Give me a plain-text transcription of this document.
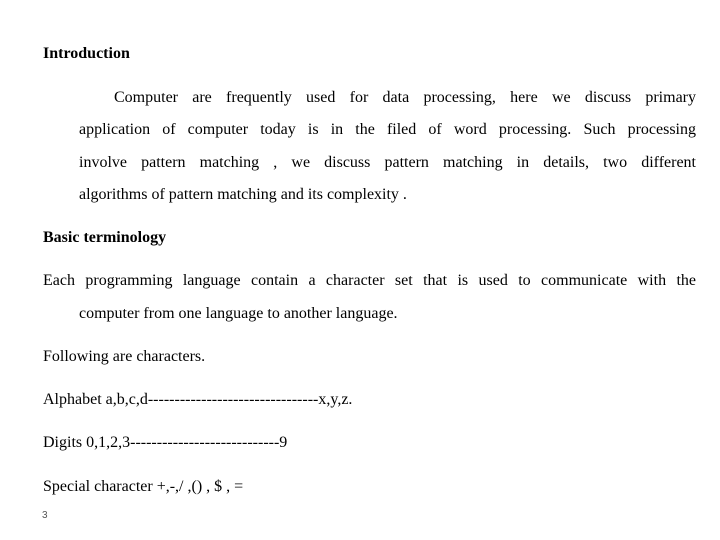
Introduction
Computer are frequently used for data processing, here we discuss primary
application of computer today is in the filed of word processing. Such processing
involve pattern matching , we discuss pattern matching in details, two different
algorithms of pattern matching and its complexity .
Basic terminology
Each programming language contain a character set that is used to communicate with the
computer from one language to another language.
Following are characters.
Alphabet a,b,c,d--------------------------------x,y,z.
Digits 0,1,2,3----------------------------9
Special character +,-,/ ,() , $ , =
3
